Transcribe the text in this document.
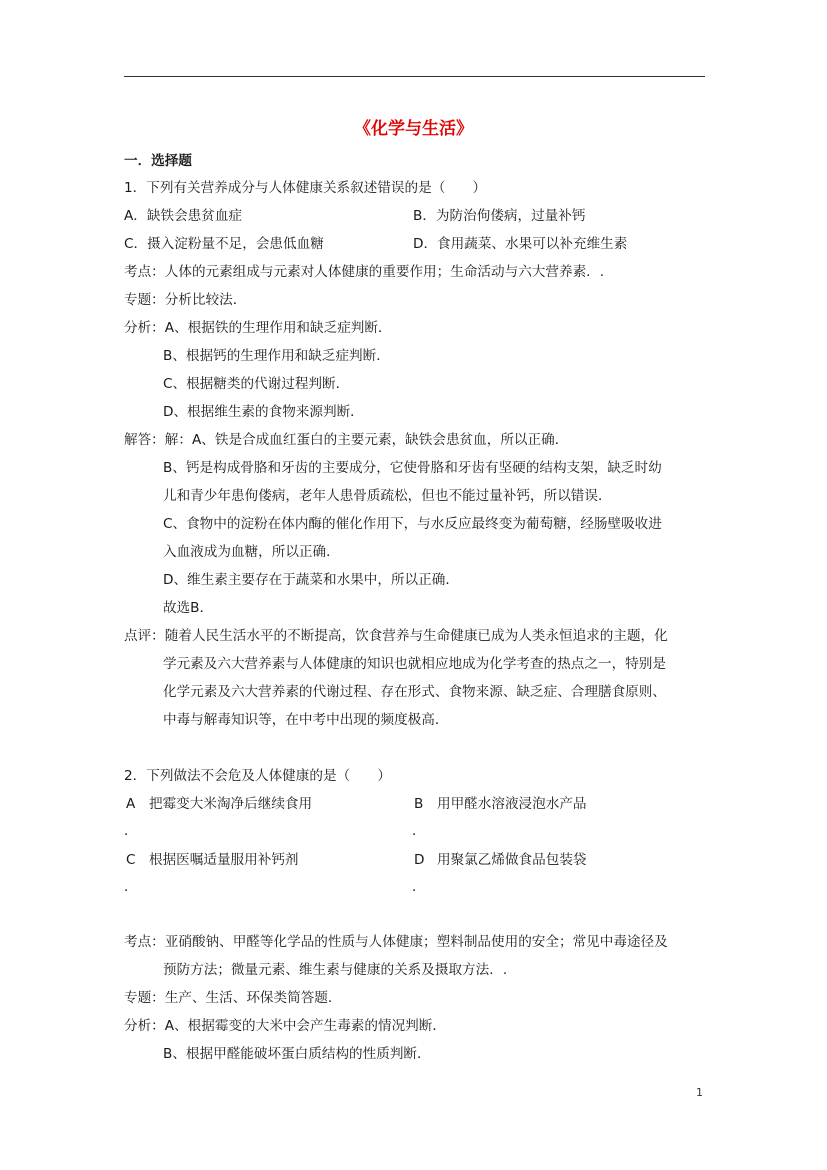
《化学与生活》
一．选择题
1．下列有关营养成分与人体健康关系叙述错误的是（　　）
A．缺铁会患贫血症	B．为防治佝偻病，过量补钙
C．摄入淀粉量不足，会患低血糖	D．食用蔬菜、水果可以补充维生素
考点：人体的元素组成与元素对人体健康的重要作用；生命活动与六大营养素．.
专题：分析比较法．
分析：A、根据铁的生理作用和缺乏症判断．
B、根据钙的生理作用和缺乏症判断．
C、根据糖类的代谢过程判断．
D、根据维生素的食物来源判断．
解答：解：A、铁是合成血红蛋白的主要元素，缺铁会患贫血，所以正确．
B、钙是构成骨胳和牙齿的主要成分，它使骨胳和牙齿有坚硬的结构支架，缺乏时幼
儿和青少年患佝偻病，老年人患骨质疏松，但也不能过量补钙，所以错误．
C、食物中的淀粉在体内酶的催化作用下，与水反应最终变为葡萄糖，经肠壁吸收进
入血液成为血糖，所以正确．
D、维生素主要存在于蔬菜和水果中，所以正确．
故选B．
点评：随着人民生活水平的不断提高，饮食营养与生命健康已成为人类永恒追求的主题，化
学元素及六大营养素与人体健康的知识也就相应地成为化学考查的热点之一，特别是
化学元素及六大营养素的代谢过程、存在形式、食物来源、缺乏症、合理膳食原则、
中毒与解毒知识等，在中考中出现的频度极高．
2．下列做法不会危及人体健康的是（　　）
A 把霉变大米淘净后继续食用
．
B 用甲醛水溶液浸泡水产品
．
C 根据医嘱适量服用补钙剂
．
D 用聚氯乙烯做食品包装袋
．
考点：亚硝酸钠、甲醛等化学品的性质与人体健康；塑料制品使用的安全；常见中毒途径及
预防方法；微量元素、维生素与健康的关系及摄取方法．.
专题：生产、生活、环保类简答题．
分析：A、根据霉变的大米中会产生毒素的情况判断．
B、根据甲醛能破坏蛋白质结构的性质判断．
1
